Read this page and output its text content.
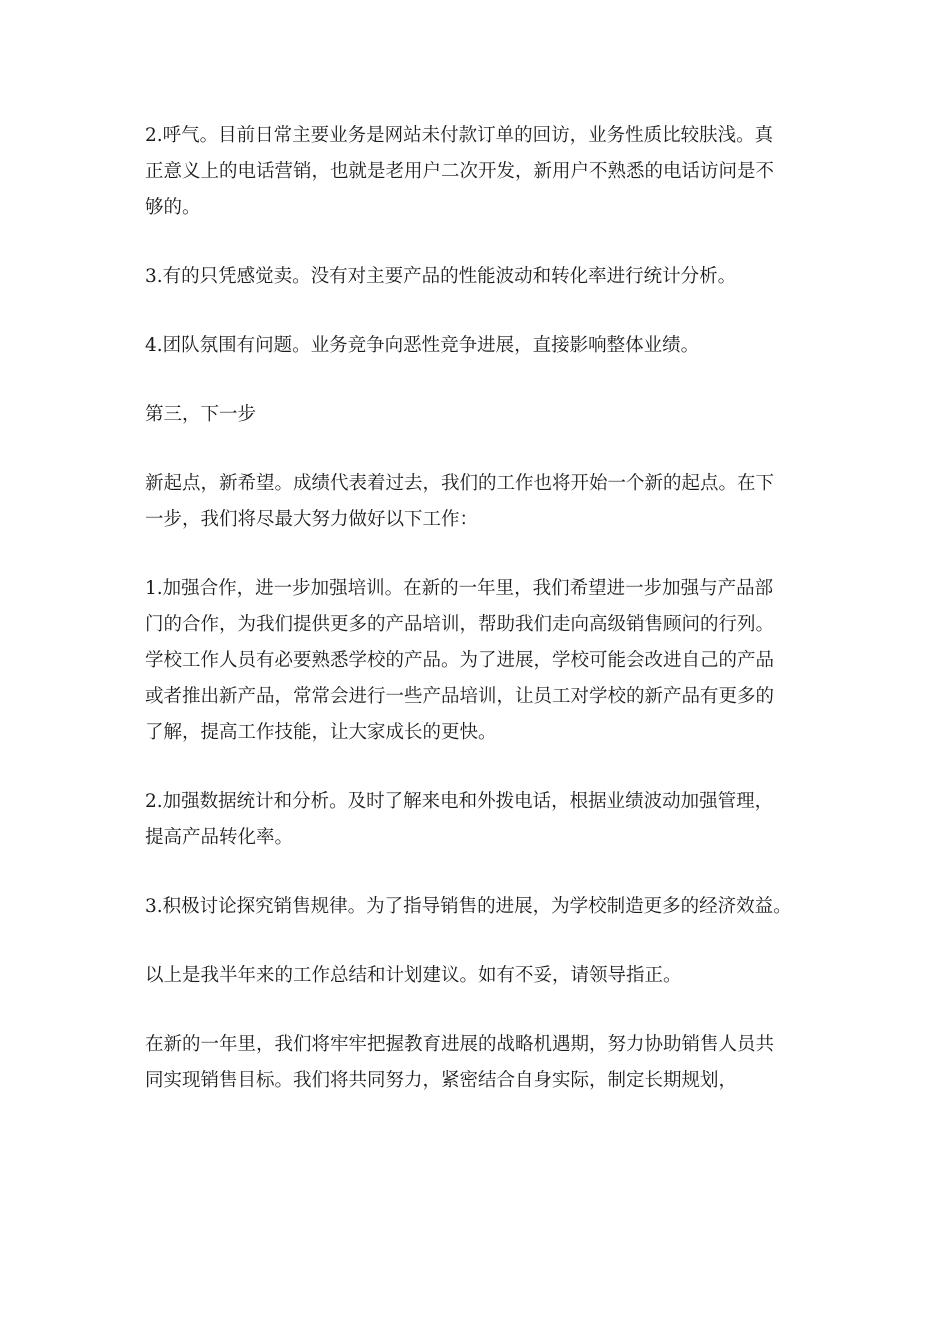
2.呼气。目前日常主要业务是网站未付款订单的回访，业务性质比较肤浅。真
正意义上的电话营销，也就是老用户二次开发，新用户不熟悉的电话访问是不
够的。

3.有的只凭感觉卖。没有对主要产品的性能波动和转化率进行统计分析。

4.团队氛围有问题。业务竞争向恶性竞争进展，直接影响整体业绩。

第三，下一步

新起点，新希望。成绩代表着过去，我们的工作也将开始一个新的起点。在下
一步，我们将尽最大努力做好以下工作：

1.加强合作，进一步加强培训。在新的一年里，我们希望进一步加强与产品部
门的合作，为我们提供更多的产品培训，帮助我们走向高级销售顾问的行列。
学校工作人员有必要熟悉学校的产品。为了进展，学校可能会改进自己的产品
或者推出新产品，常常会进行一些产品培训，让员工对学校的新产品有更多的
了解，提高工作技能，让大家成长的更快。

2.加强数据统计和分析。及时了解来电和外拨电话，根据业绩波动加强管理，
提高产品转化率。

3.积极讨论探究销售规律。为了指导销售的进展，为学校制造更多的经济效益。

以上是我半年来的工作总结和计划建议。如有不妥，请领导指正。

在新的一年里，我们将牢牢把握教育进展的战略机遇期，努力协助销售人员共
同实现销售目标。我们将共同努力，紧密结合自身实际，制定长期规划，
